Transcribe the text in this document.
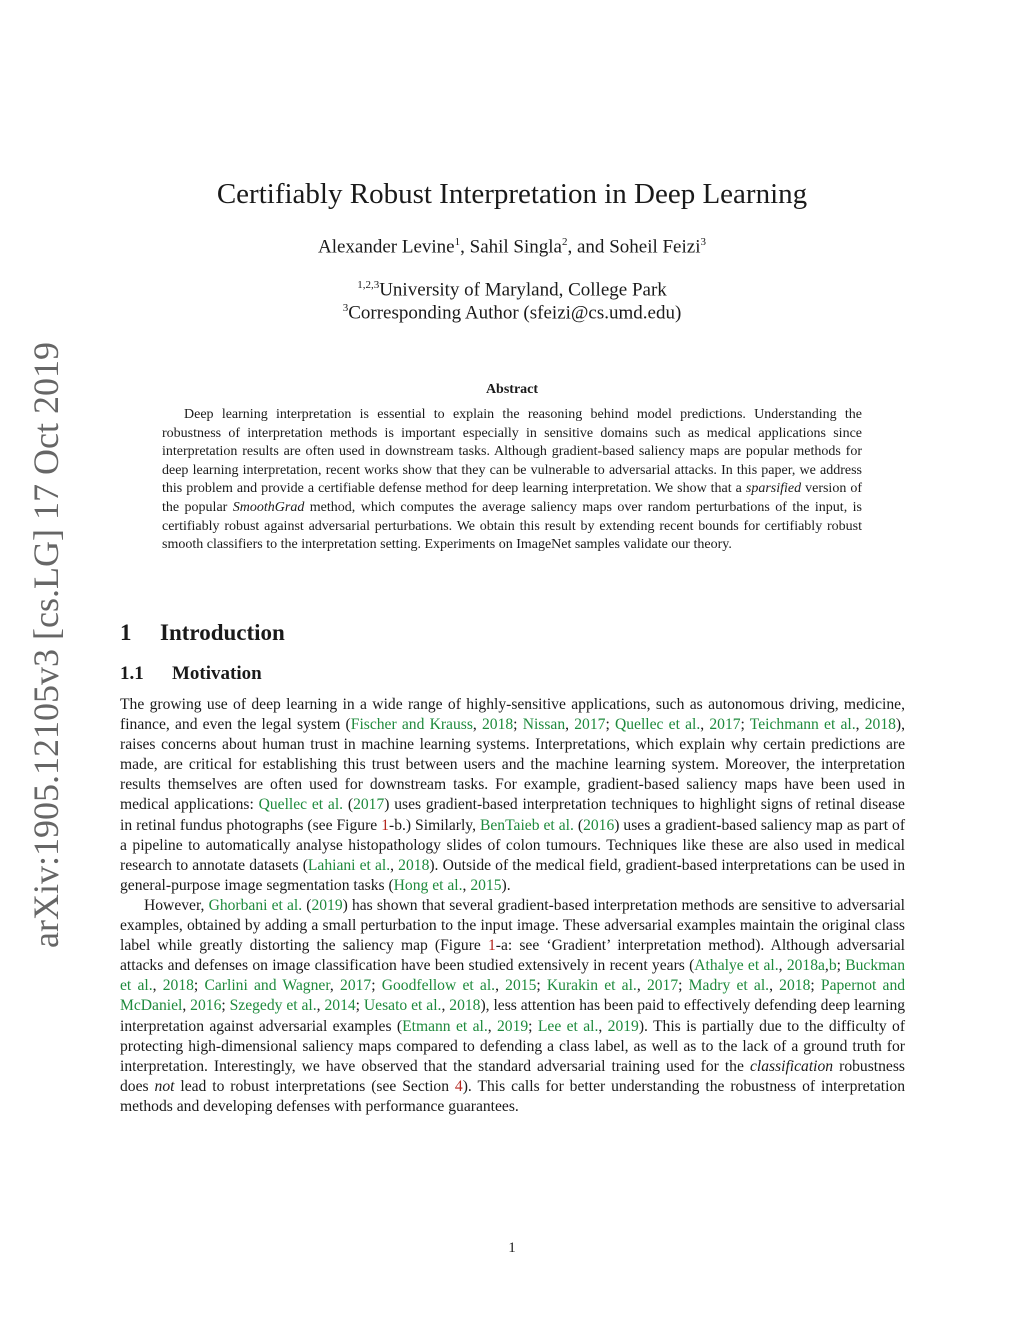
arXiv:1905.12105v3 [cs.LG] 17 Oct 2019
Certifiably Robust Interpretation in Deep Learning
Alexander Levine$^1$, Sahil Singla$^2$, and Soheil Feizi$^3$
$^{1,2,3}$University of Maryland, College Park
$^3$Corresponding Author (sfeizi@cs.umd.edu)
Abstract

Deep learning interpretation is essential to explain the reasoning behind model predictions. Understanding the robustness of interpretation methods is important especially in sensitive domains such as medical applications since interpretation results are often used in downstream tasks. Although gradient-based saliency maps are popular methods for deep learning interpretation, recent works show that they can be vulnerable to adversarial attacks. In this paper, we address this problem and provide a certifiable defense method for deep learning interpretation. We show that a sparsified version of the popular SmoothGrad method, which computes the average saliency maps over random perturbations of the input, is certifiably robust against adversarial perturbations. We obtain this result by extending recent bounds for certifiably robust smooth classifiers to the interpretation setting. Experiments on ImageNet samples validate our theory.

1 Introduction
1.1 Motivation

The growing use of deep learning in a wide range of highly-sensitive applications, such as autonomous driving, medicine, finance, and even the legal system (Fischer and Krauss, 2018; Nissan, 2017; Quellec et al., 2017; Teichmann et al., 2018), raises concerns about human trust in machine learning systems. Interpretations, which explain why certain predictions are made, are critical for establishing this trust between users and the machine learning system. Moreover, the interpretation results themselves are often used for downstream tasks. For example, gradient-based saliency maps have been used in medical applications: Quellec et al. (2017) uses gradient-based interpretation techniques to highlight signs of retinal disease in retinal fundus photographs (see Figure 1-b.) Similarly, BenTaieb et al. (2016) uses a gradient-based saliency map as part of a pipeline to automatically analyse histopathology slides of colon tumours. Techniques like these are also used in medical research to annotate datasets (Lahiani et al., 2018). Outside of the medical field, gradient-based interpretations can be used in general-purpose image segmentation tasks (Hong et al., 2015).

However, Ghorbani et al. (2019) has shown that several gradient-based interpretation methods are sensitive to adversarial examples, obtained by adding a small perturbation to the input image. These adversarial examples maintain the original class label while greatly distorting the saliency map (Figure 1-a: see ‘Gradient’ interpretation method). Although adversarial attacks and defenses on image classification have been studied extensively in recent years (Athalye et al., 2018a,b; Buckman et al., 2018; Carlini and Wagner, 2017; Goodfellow et al., 2015; Kurakin et al., 2017; Madry et al., 2018; Papernot and McDaniel, 2016; Szegedy et al., 2014; Uesato et al., 2018), less attention has been paid to effectively defending deep learning interpretation against adversarial examples (Etmann et al., 2019; Lee et al., 2019). This is partially due to the difficulty of protecting high-dimensional saliency maps compared to defending a class label, as well as to the lack of a ground truth for interpretation. Interestingly, we have observed that the standard adversarial training used for the classification robustness does not lead to robust interpretations (see Section 4). This calls for better understanding the robustness of interpretation methods and developing defenses with performance guarantees.

1
